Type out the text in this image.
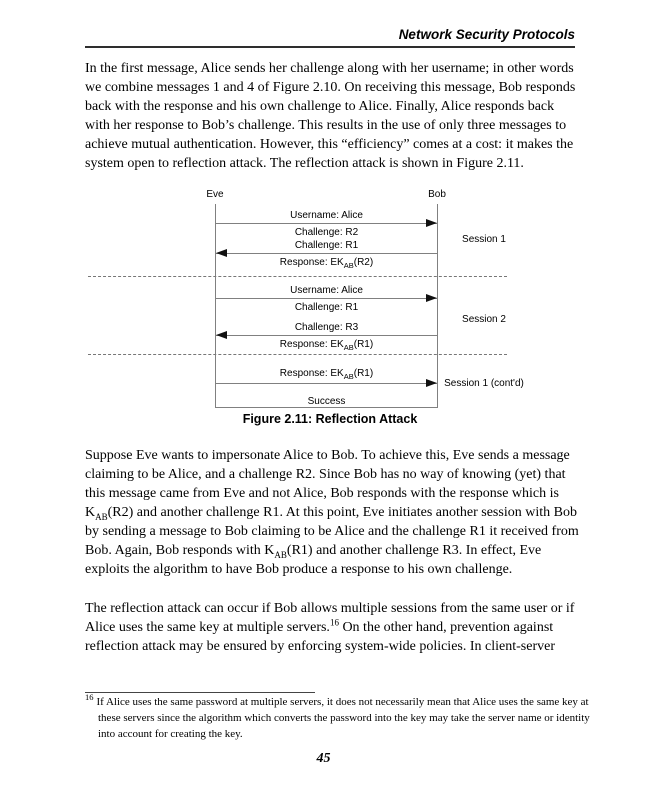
Network Security Protocols

In the first message, Alice sends her challenge along with her username; in other words we combine messages 1 and 4 of Figure 2.10. On receiving this message, Bob responds back with the response and his own challenge to Alice. Finally, Alice responds back with her response to Bob’s challenge. This results in the use of only three messages to achieve mutual authentication. However, this “efficiency” comes at a cost: it makes the system open to reflection attack. The reflection attack is shown in Figure 2.11.

Eve	Bob
Username: Alice
Challenge: R2
Challenge: R1
Response: $EK_{AB}(R2)$
Session 1
Username: Alice
Challenge: R1
Challenge: R3
Response: $EK_{AB}(R1)$
Session 2
Response: $EK_{AB}(R1)$
Session 1 (cont'd)
Success
Figure 2.11: Reflection Attack

Suppose Eve wants to impersonate Alice to Bob. To achieve this, Eve sends a message claiming to be Alice, and a challenge R2. Since Bob has no way of knowing (yet) that this message came from Eve and not Alice, Bob responds with the response which is $K_{AB}(R2)$ and another challenge R1. At this point, Eve initiates another session with Bob by sending a message to Bob claiming to be Alice and the challenge R1 it received from Bob. Again, Bob responds with $K_{AB}(R1)$ and another challenge R3. In effect, Eve exploits the algorithm to have Bob produce a response to his own challenge.

The reflection attack can occur if Bob allows multiple sessions from the same user or if Alice uses the same key at multiple servers.$^{16}$ On the other hand, prevention against reflection attack may be ensured by enforcing system-wide policies. In client-server

$^{16}$ If Alice uses the same password at multiple servers, it does not necessarily mean that Alice uses the same key at these servers since the algorithm which converts the password into the key may take the server name or identity into account for creating the key.
45
